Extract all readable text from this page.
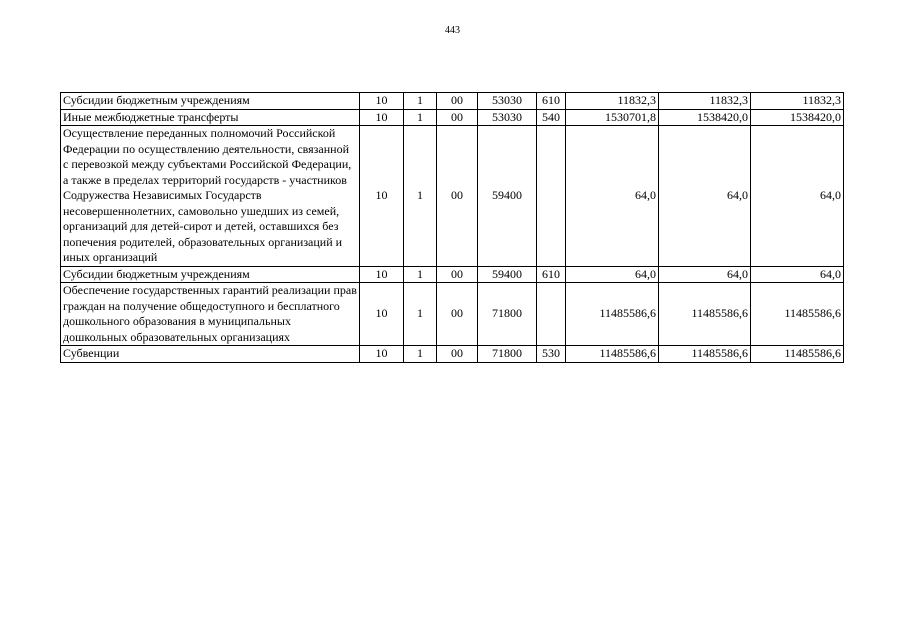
443
Субсидии бюджетным учреждениям	10	1	00	53030	610	11832,3	11832,3	11832,3
Иные межбюджетные трансферты	10	1	00	53030	540	1530701,8	1538420,0	1538420,0
Осуществление переданных полномочий Российской Федерации по осуществлению деятельности, связанной с перевозкой между субъектами Российской Федерации, а также в пределах территорий государств - участников Содружества Независимых Государств несовершеннолетних, самовольно ушедших из семей, организаций для детей-сирот и детей, оставшихся без попечения родителей, образовательных организаций и иных организаций	10	1	00	59400		64,0	64,0	64,0
Субсидии бюджетным учреждениям	10	1	00	59400	610	64,0	64,0	64,0
Обеспечение государственных гарантий реализации прав граждан на получение общедоступного и бесплатного дошкольного образования в муниципальных дошкольных образовательных организациях	10	1	00	71800		11485586,6	11485586,6	11485586,6
Субвенции	10	1	00	71800	530	11485586,6	11485586,6	11485586,6
